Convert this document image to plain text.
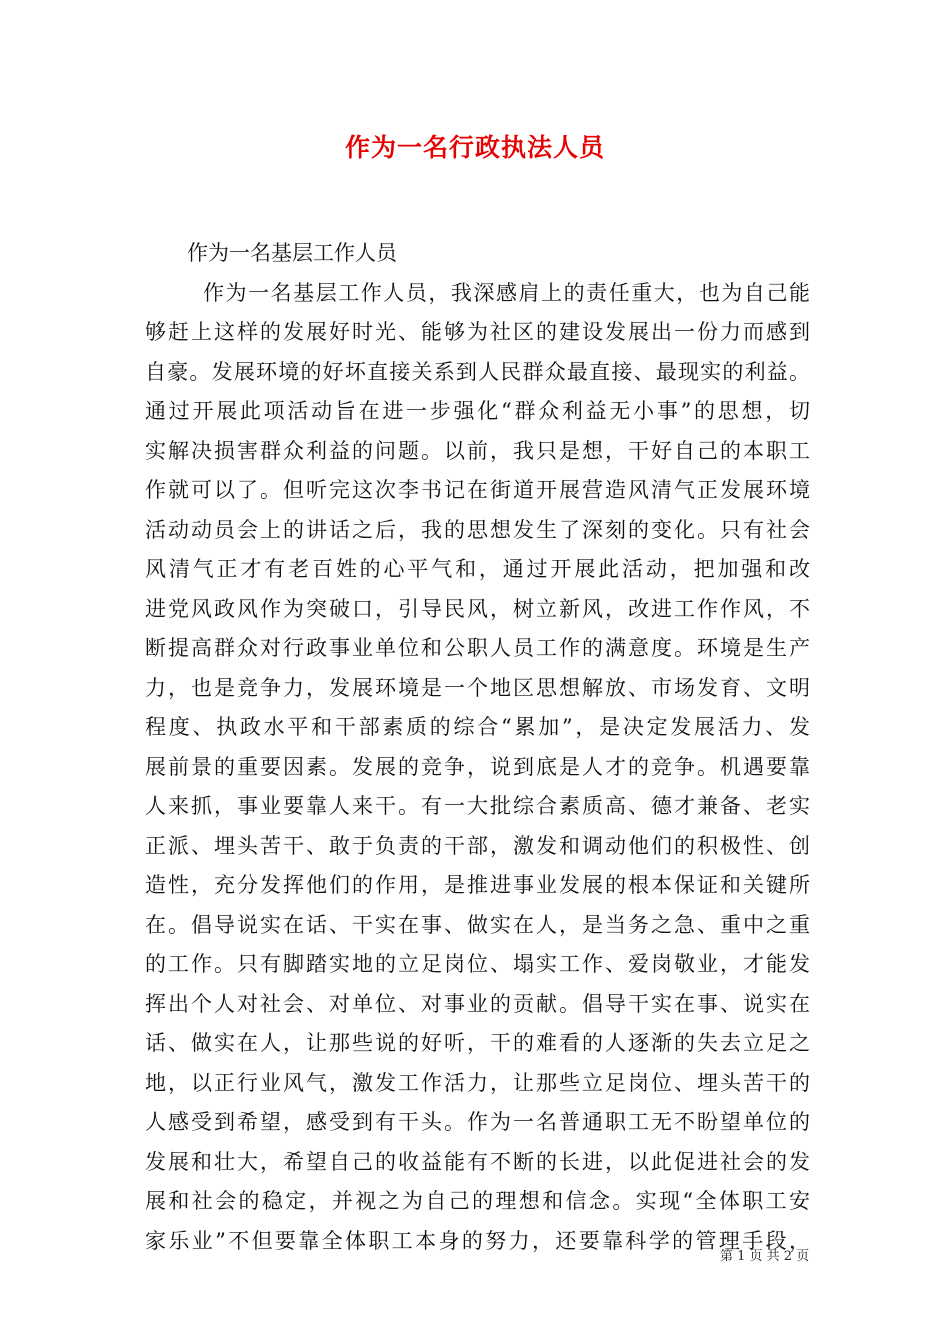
作为一名行政执法人员
作为一名基层工作人员
作为一名基层工作人员，我深感肩上的责任重大，也为自己能
够赶上这样的发展好时光、能够为社区的建设发展出一份力而感到
自豪。发展环境的好坏直接关系到人民群众最直接、最现实的利益。
通过开展此项活动旨在进一步强化“群众利益无小事”的思想，切
实解决损害群众利益的问题。以前，我只是想，干好自己的本职工
作就可以了。但听完这次李书记在街道开展营造风清气正发展环境
活动动员会上的讲话之后，我的思想发生了深刻的变化。只有社会
风清气正才有老百姓的心平气和，通过开展此活动，把加强和改
进党风政风作为突破口，引导民风，树立新风，改进工作作风，不
断提高群众对行政事业单位和公职人员工作的满意度。环境是生产
力，也是竞争力，发展环境是一个地区思想解放、市场发育、文明
程度、执政水平和干部素质的综合“累加”，是决定发展活力、发
展前景的重要因素。发展的竞争，说到底是人才的竞争。机遇要靠
人来抓，事业要靠人来干。有一大批综合素质高、德才兼备、老实
正派、埋头苦干、敢于负责的干部，激发和调动他们的积极性、创
造性，充分发挥他们的作用，是推进事业发展的根本保证和关键所
在。倡导说实在话、干实在事、做实在人，是当务之急、重中之重
的工作。只有脚踏实地的立足岗位、塌实工作、爱岗敬业，才能发
挥出个人对社会、对单位、对事业的贡献。倡导干实在事、说实在
话、做实在人，让那些说的好听，干的难看的人逐渐的失去立足之
地，以正行业风气，激发工作活力，让那些立足岗位、埋头苦干的
人感受到希望，感受到有干头。作为一名普通职工无不盼望单位的
发展和壮大，希望自己的收益能有不断的长进，以此促进社会的发
展和社会的稳定，并视之为自己的理想和信念。实现“全体职工安
家乐业”不但要靠全体职工本身的努力，还要靠科学的管理手段，
第 1 页 共 2 页
